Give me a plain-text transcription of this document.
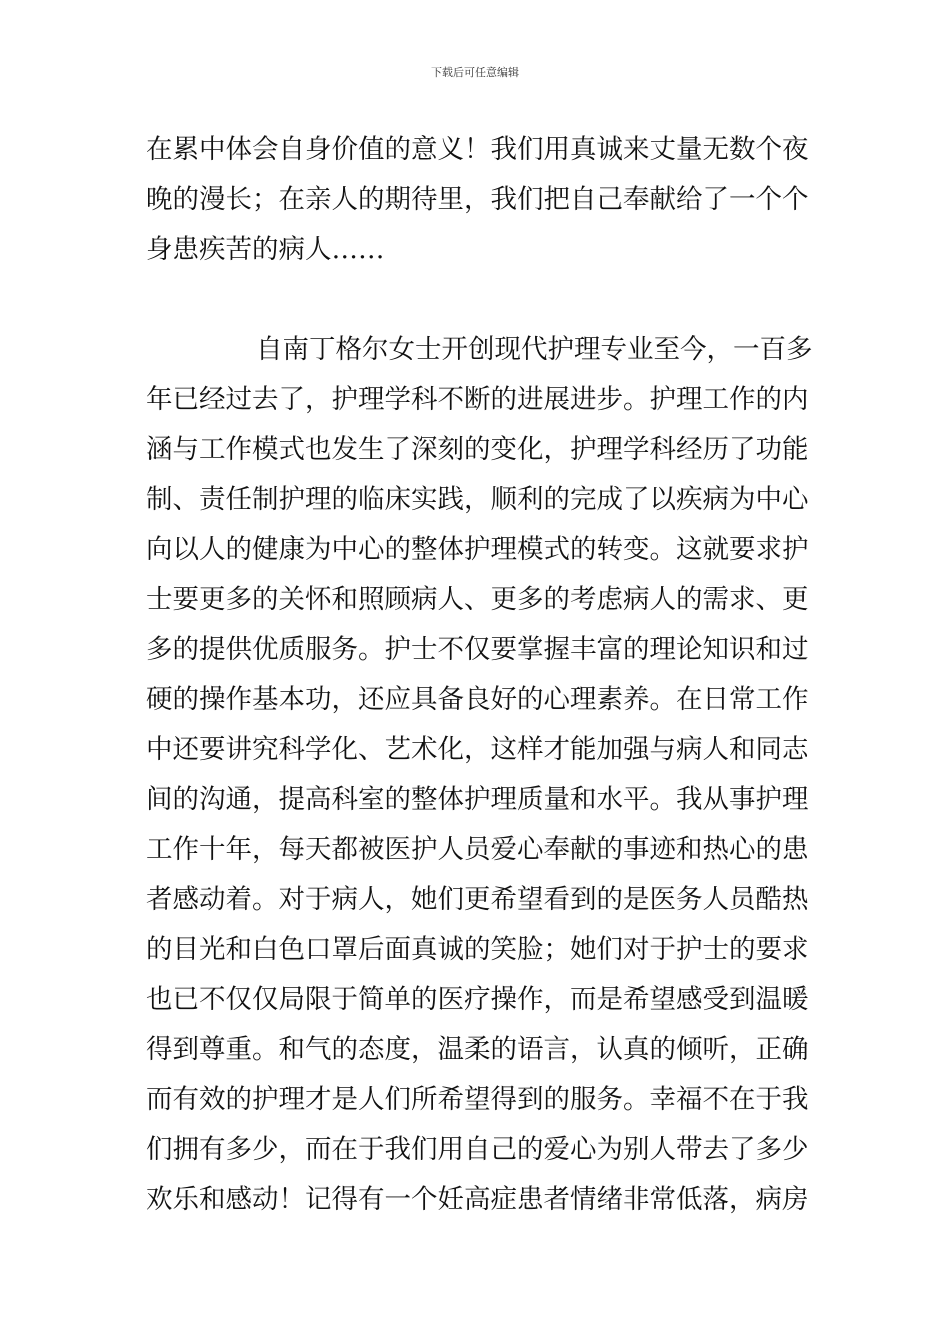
下载后可任意编辑
在累中体会自身价值的意义！我们用真诚来丈量无数个夜
晚的漫长；在亲人的期待里，我们把自己奉献给了一个个
身患疾苦的病人……
自南丁格尔女士开创现代护理专业至今，一百多
年已经过去了，护理学科不断的进展进步。护理工作的内
涵与工作模式也发生了深刻的变化，护理学科经历了功能
制、责任制护理的临床实践，顺利的完成了以疾病为中心
向以人的健康为中心的整体护理模式的转变。这就要求护
士要更多的关怀和照顾病人、更多的考虑病人的需求、更
多的提供优质服务。护士不仅要掌握丰富的理论知识和过
硬的操作基本功，还应具备良好的心理素养。在日常工作
中还要讲究科学化、艺术化，这样才能加强与病人和同志
间的沟通，提高科室的整体护理质量和水平。我从事护理
工作十年，每天都被医护人员爱心奉献的事迹和热心的患
者感动着。对于病人，她们更希望看到的是医务人员酷热
的目光和白色口罩后面真诚的笑脸；她们对于护士的要求
也已不仅仅局限于简单的医疗操作，而是希望感受到温暖
得到尊重。和气的态度，温柔的语言，认真的倾听，正确
而有效的护理才是人们所希望得到的服务。幸福不在于我
们拥有多少，而在于我们用自己的爱心为别人带去了多少
欢乐和感动！记得有一个妊高症患者情绪非常低落，病房
